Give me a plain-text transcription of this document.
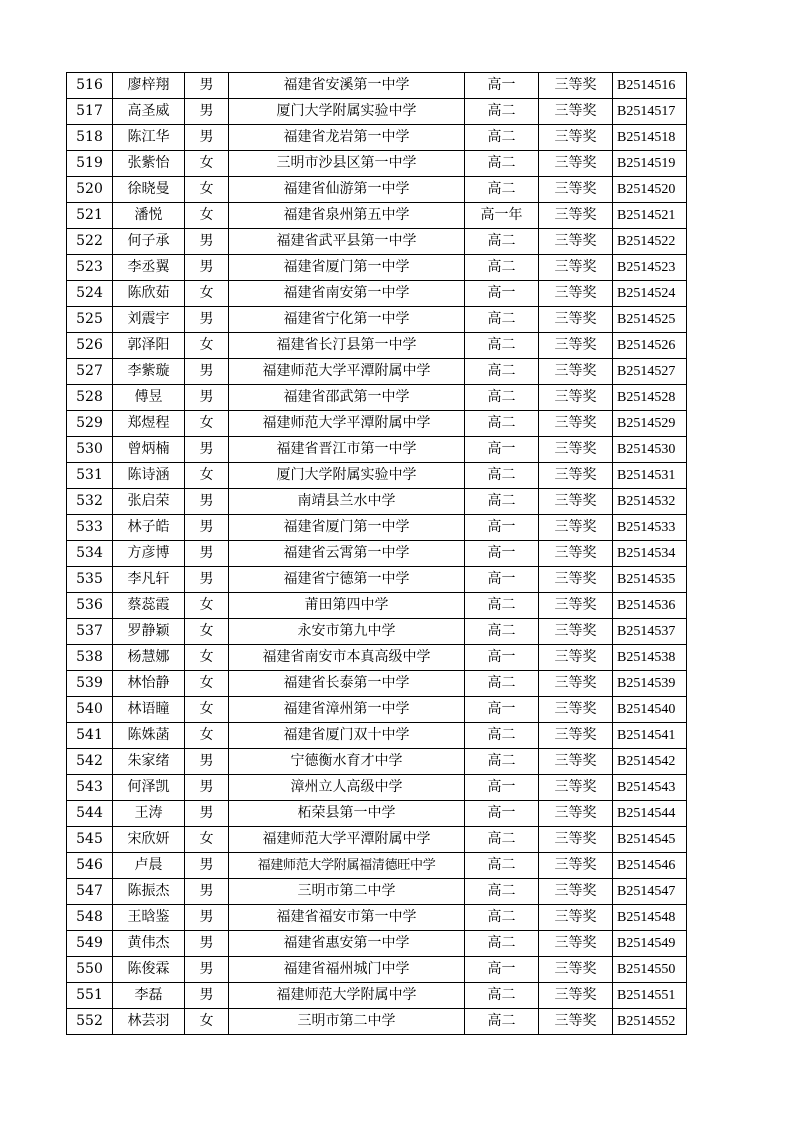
516	廖梓翔	男	福建省安溪第一中学	高一	三等奖	B2514516
517	高圣威	男	厦门大学附属实验中学	高二	三等奖	B2514517
518	陈江华	男	福建省龙岩第一中学	高二	三等奖	B2514518
519	张紫怡	女	三明市沙县区第一中学	高二	三等奖	B2514519
520	徐晓曼	女	福建省仙游第一中学	高二	三等奖	B2514520
521	潘悦	女	福建省泉州第五中学	高一年	三等奖	B2514521
522	何子承	男	福建省武平县第一中学	高二	三等奖	B2514522
523	李丞翼	男	福建省厦门第一中学	高二	三等奖	B2514523
524	陈欣茹	女	福建省南安第一中学	高一	三等奖	B2514524
525	刘震宇	男	福建省宁化第一中学	高二	三等奖	B2514525
526	郭泽阳	女	福建省长汀县第一中学	高二	三等奖	B2514526
527	李紫璇	男	福建师范大学平潭附属中学	高二	三等奖	B2514527
528	傅昱	男	福建省邵武第一中学	高二	三等奖	B2514528
529	郑煜程	女	福建师范大学平潭附属中学	高二	三等奖	B2514529
530	曾炳楠	男	福建省晋江市第一中学	高一	三等奖	B2514530
531	陈诗涵	女	厦门大学附属实验中学	高二	三等奖	B2514531
532	张启荣	男	南靖县兰水中学	高二	三等奖	B2514532
533	林子皓	男	福建省厦门第一中学	高一	三等奖	B2514533
534	方彦博	男	福建省云霄第一中学	高一	三等奖	B2514534
535	李凡轩	男	福建省宁德第一中学	高一	三等奖	B2514535
536	蔡蕊霞	女	莆田第四中学	高二	三等奖	B2514536
537	罗静颖	女	永安市第九中学	高二	三等奖	B2514537
538	杨慧娜	女	福建省南安市本真高级中学	高一	三等奖	B2514538
539	林怡静	女	福建省长泰第一中学	高二	三等奖	B2514539
540	林语瞳	女	福建省漳州第一中学	高一	三等奖	B2514540
541	陈姝菡	女	福建省厦门双十中学	高二	三等奖	B2514541
542	朱家绪	男	宁德衡水育才中学	高二	三等奖	B2514542
543	何泽凯	男	漳州立人高级中学	高一	三等奖	B2514543
544	王涛	男	柘荣县第一中学	高一	三等奖	B2514544
545	宋欣妍	女	福建师范大学平潭附属中学	高二	三等奖	B2514545
546	卢晨	男	福建师范大学附属福清德旺中学	高二	三等奖	B2514546
547	陈振杰	男	三明市第二中学	高二	三等奖	B2514547
548	王晗鉴	男	福建省福安市第一中学	高二	三等奖	B2514548
549	黄伟杰	男	福建省惠安第一中学	高二	三等奖	B2514549
550	陈俊霖	男	福建省福州城门中学	高一	三等奖	B2514550
551	李磊	男	福建师范大学附属中学	高二	三等奖	B2514551
552	林芸羽	女	三明市第二中学	高二	三等奖	B2514552
